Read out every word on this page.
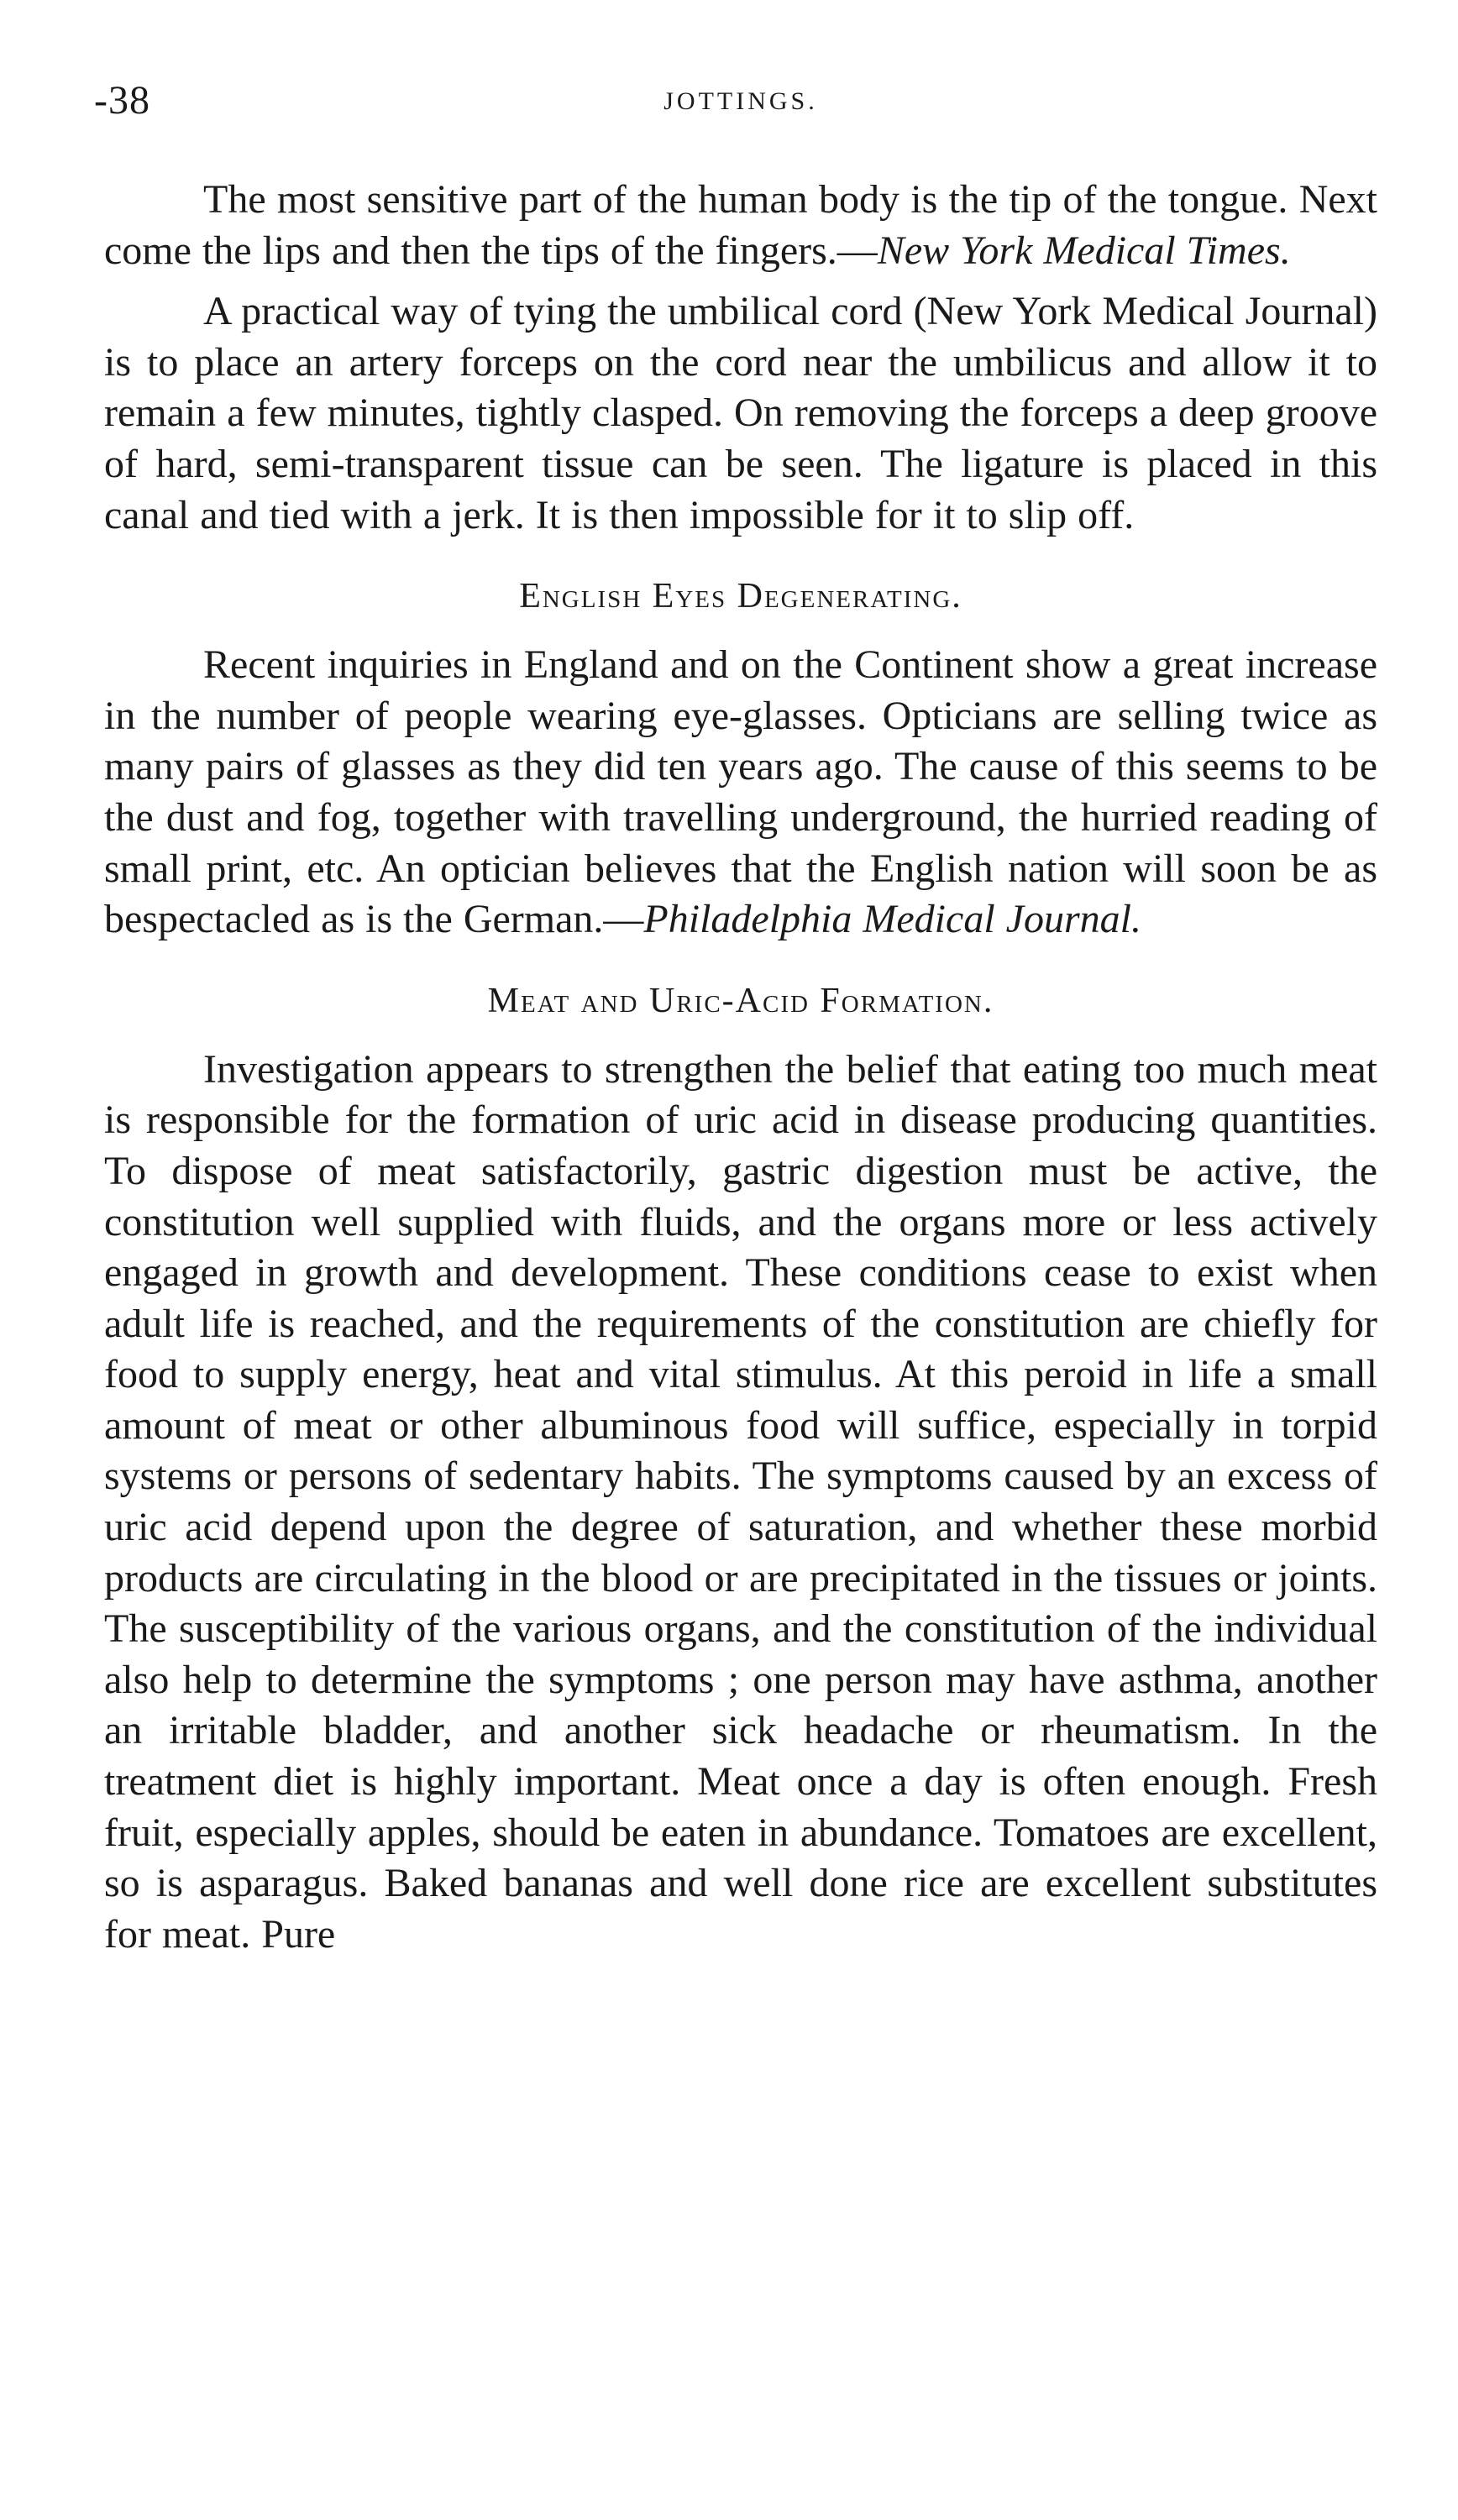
-38	JOTTINGS.

The most sensitive part of the human body is the tip of the tongue. Next come the lips and then the tips of the fingers.—New York Medical Times.

A practical way of tying the umbilical cord (New York Medical Journal) is to place an artery forceps on the cord near the umbilicus and allow it to remain a few minutes, tightly clasped. On removing the forceps a deep groove of hard, semi-transparent tissue can be seen. The ligature is placed in this canal and tied with a jerk. It is then impossible for it to slip off.

English Eyes Degenerating.

Recent inquiries in England and on the Continent show a great increase in the number of people wearing eye-glasses. Opticians are selling twice as many pairs of glasses as they did ten years ago. The cause of this seems to be the dust and fog, together with travelling underground, the hurried reading of small print, etc. An optician believes that the English nation will soon be as bespectacled as is the German.—Philadelphia Medical Journal.

Meat and Uric-Acid Formation.

Investigation appears to strengthen the belief that eating too much meat is responsible for the formation of uric acid in disease producing quantities. To dispose of meat satisfactorily, gastric digestion must be active, the constitution well supplied with fluids, and the organs more or less actively engaged in growth and development. These conditions cease to exist when adult life is reached, and the requirements of the constitution are chiefly for food to supply energy, heat and vital stimulus. At this peroid in life a small amount of meat or other albuminous food will suffice, especially in torpid systems or persons of sedentary habits. The symptoms caused by an excess of uric acid depend upon the degree of saturation, and whether these morbid products are circulating in the blood or are precipitated in the tissues or joints. The susceptibility of the various organs, and the constitution of the individual also help to determine the symptoms ; one person may have asthma, another an irritable bladder, and another sick headache or rheumatism. In the treatment diet is highly important. Meat once a day is often enough. Fresh fruit, especially apples, should be eaten in abundance. Tomatoes are excellent, so is asparagus. Baked bananas and well done rice are excellent substitutes for meat. Pure
